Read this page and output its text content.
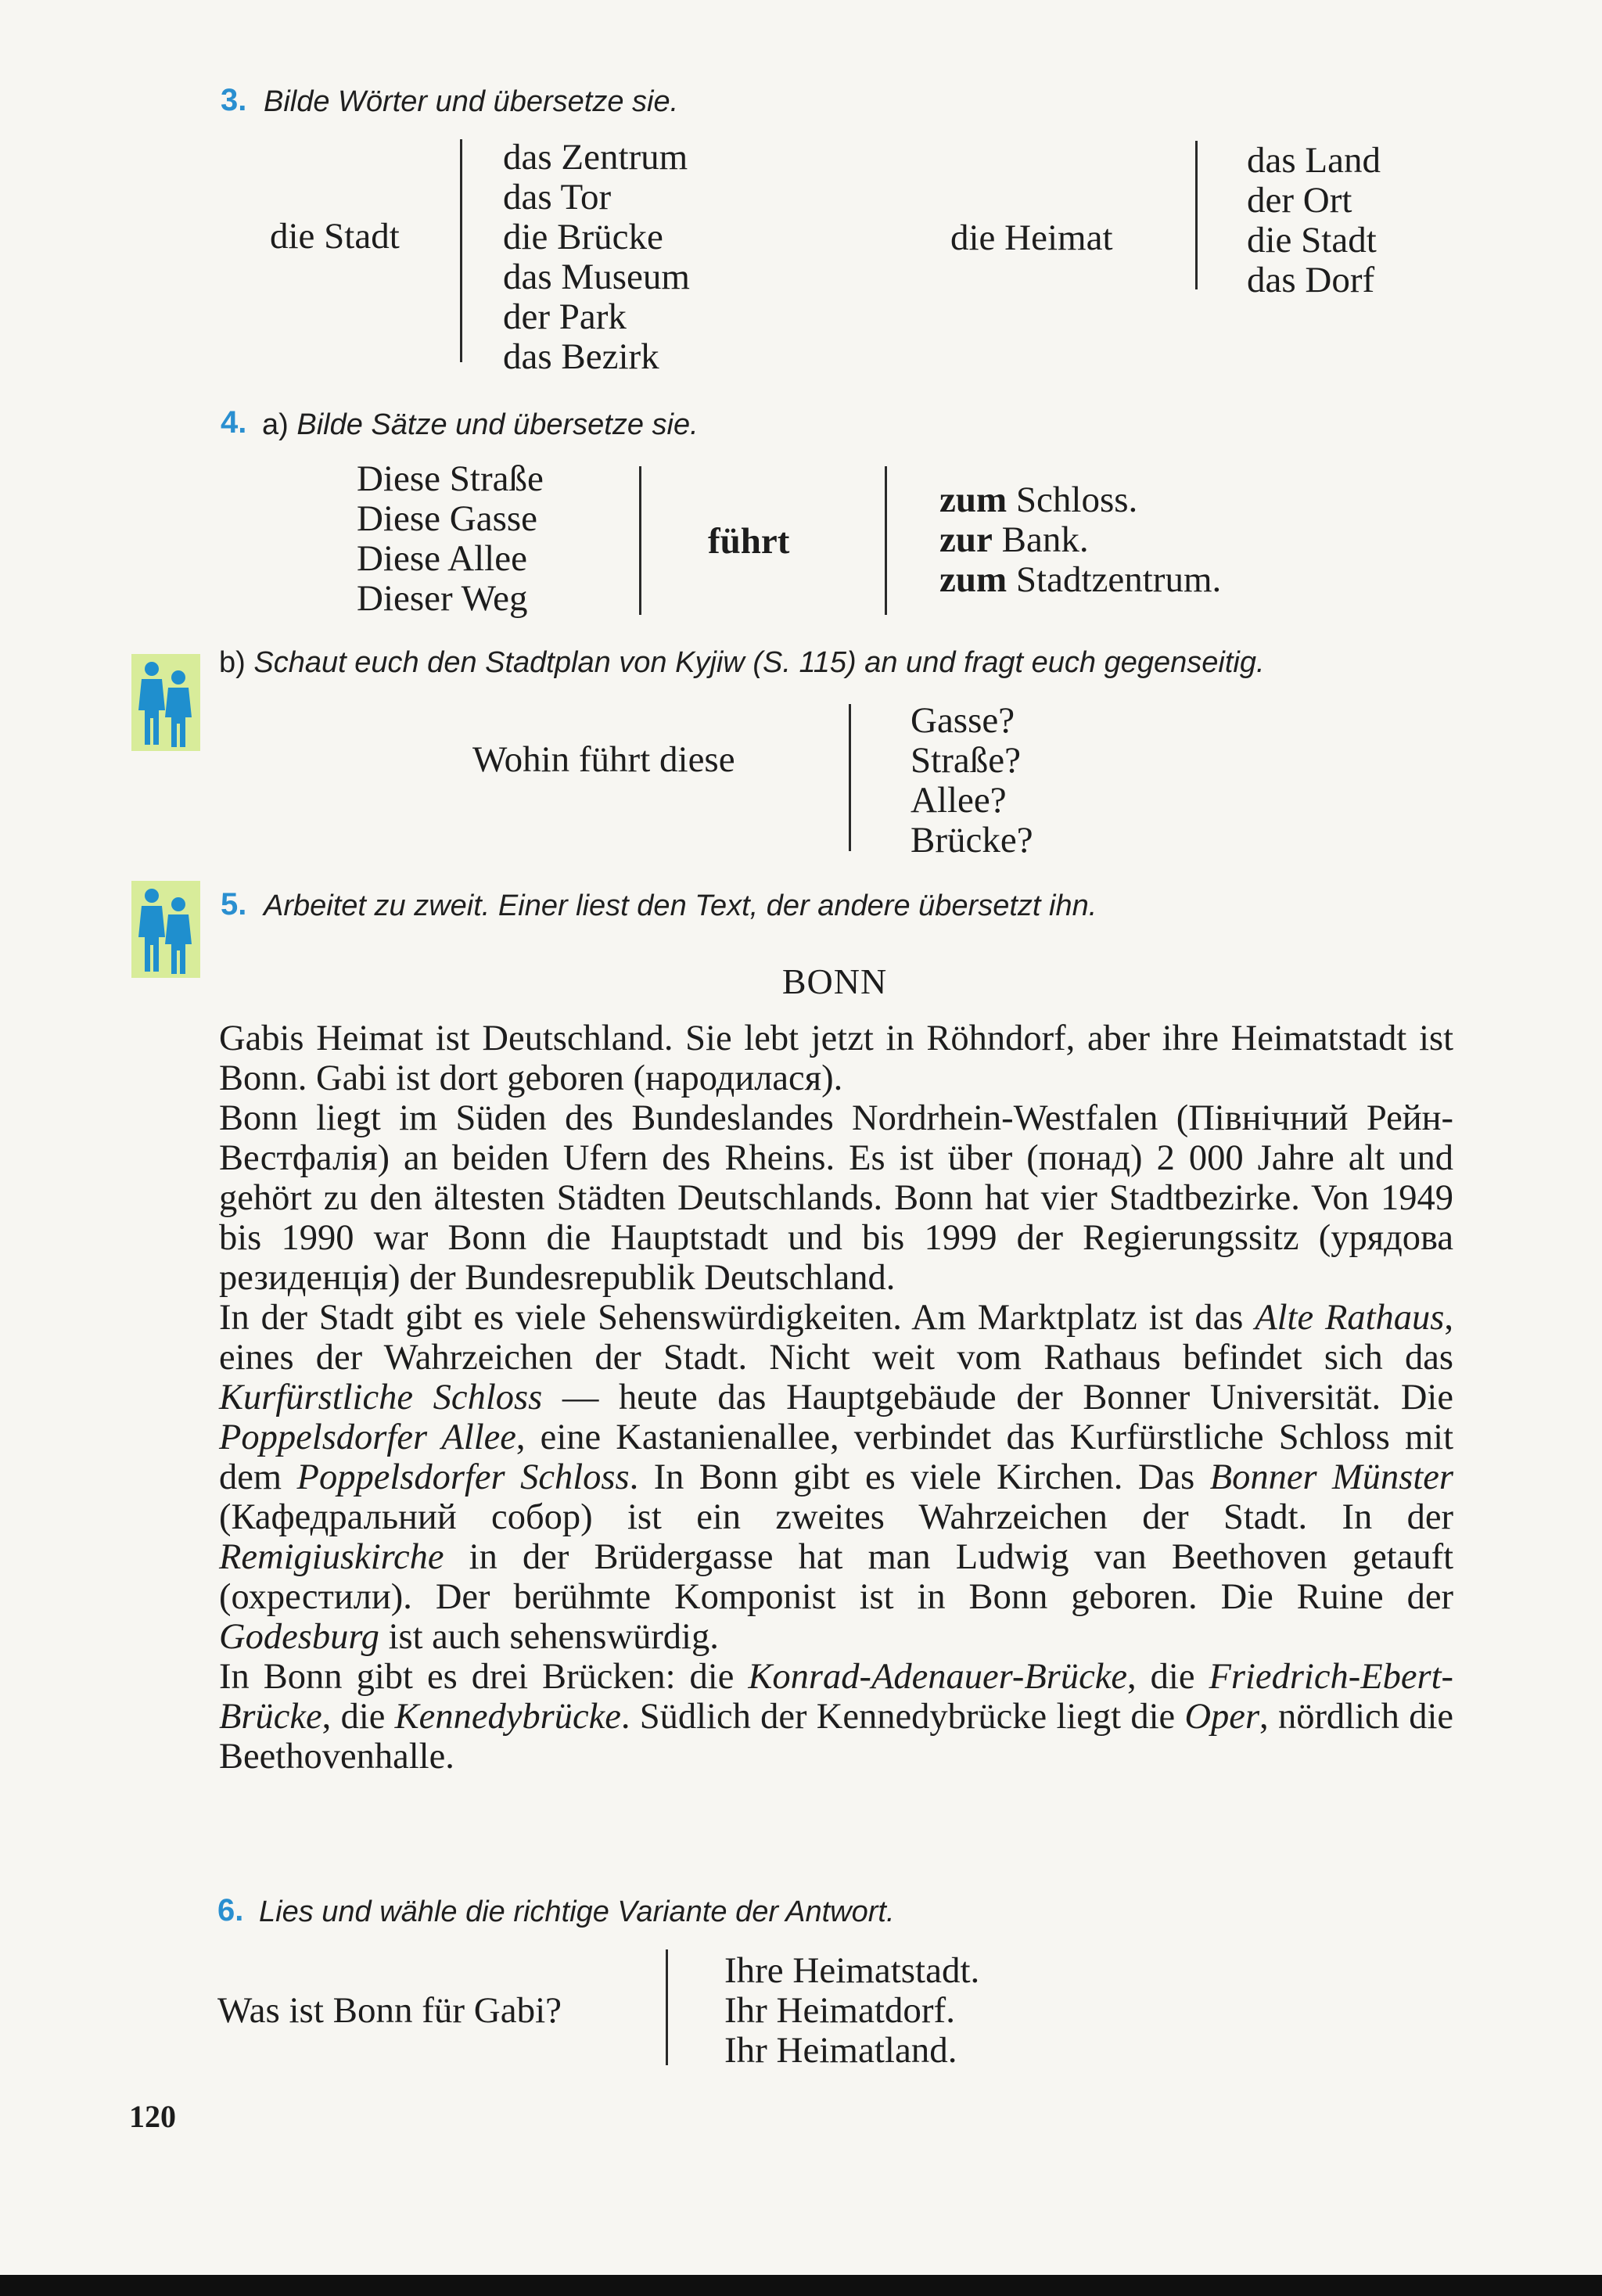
3. Bilde Wörter und übersetze sie.
die Stadt
das Zentrum
das Tor
die Brücke
das Museum
der Park
das Bezirk
die Heimat
das Land
der Ort
die Stadt
das Dorf
4. a) Bilde Sätze und übersetze sie.
Diese Straße
Diese Gasse
Diese Allee
Dieser Weg
führt
zum Schloss.
zur Bank.
zum Stadtzentrum.
b) Schaut euch den Stadtplan von Kyjiw (S. 115) an und fragt euch gegenseitig.
Wohin führt diese
Gasse?
Straße?
Allee?
Brücke?
5. Arbeitet zu zweit. Einer liest den Text, der andere übersetzt ihn.
BONN

Gabis Heimat ist Deutschland. Sie lebt jetzt in Röhndorf, aber ihre Heimatstadt ist Bonn. Gabi ist dort geboren (народилася).

Bonn liegt im Süden des Bundeslandes Nordrhein-Westfalen (Північний Рейн-Вестфалія) an beiden Ufern des Rheins. Es ist über (понад) 2 000 Jahre alt und gehört zu den ältesten Städten Deutschlands. Bonn hat vier Stadtbezirke. Von 1949 bis 1990 war Bonn die Hauptstadt und bis 1999 der Regierungssitz (урядова резиденція) der Bundesrepublik Deutschland.

In der Stadt gibt es viele Sehenswürdigkeiten. Am Marktplatz ist das Alte Rathaus, eines der Wahrzeichen der Stadt. Nicht weit vom Rathaus befindet sich das Kurfürstliche Schloss — heute das Hauptgebäude der Bonner Universität. Die Poppelsdorfer Allee, eine Kastanienallee, verbindet das Kurfürstliche Schloss mit dem Poppelsdorfer Schloss. In Bonn gibt es viele Kirchen. Das Bonner Münster (Кафедральний собор) ist ein zweites Wahrzeichen der Stadt. In der Remigiuskirche in der Brüdergasse hat man Ludwig van Beethoven getauft (охрестили). Der berühmte Komponist ist in Bonn geboren. Die Ruine der Godesburg ist auch sehenswürdig.

In Bonn gibt es drei Brücken: die Konrad-Adenauer-Brücke, die Friedrich-Ebert-Brücke, die Kennedybrücke. Südlich der Kennedybrücke liegt die Oper, nördlich die Beethovenhalle.

6. Lies und wähle die richtige Variante der Antwort.
Was ist Bonn für Gabi?
Ihre Heimatstadt.
Ihr Heimatdorf.
Ihr Heimatland.
120
